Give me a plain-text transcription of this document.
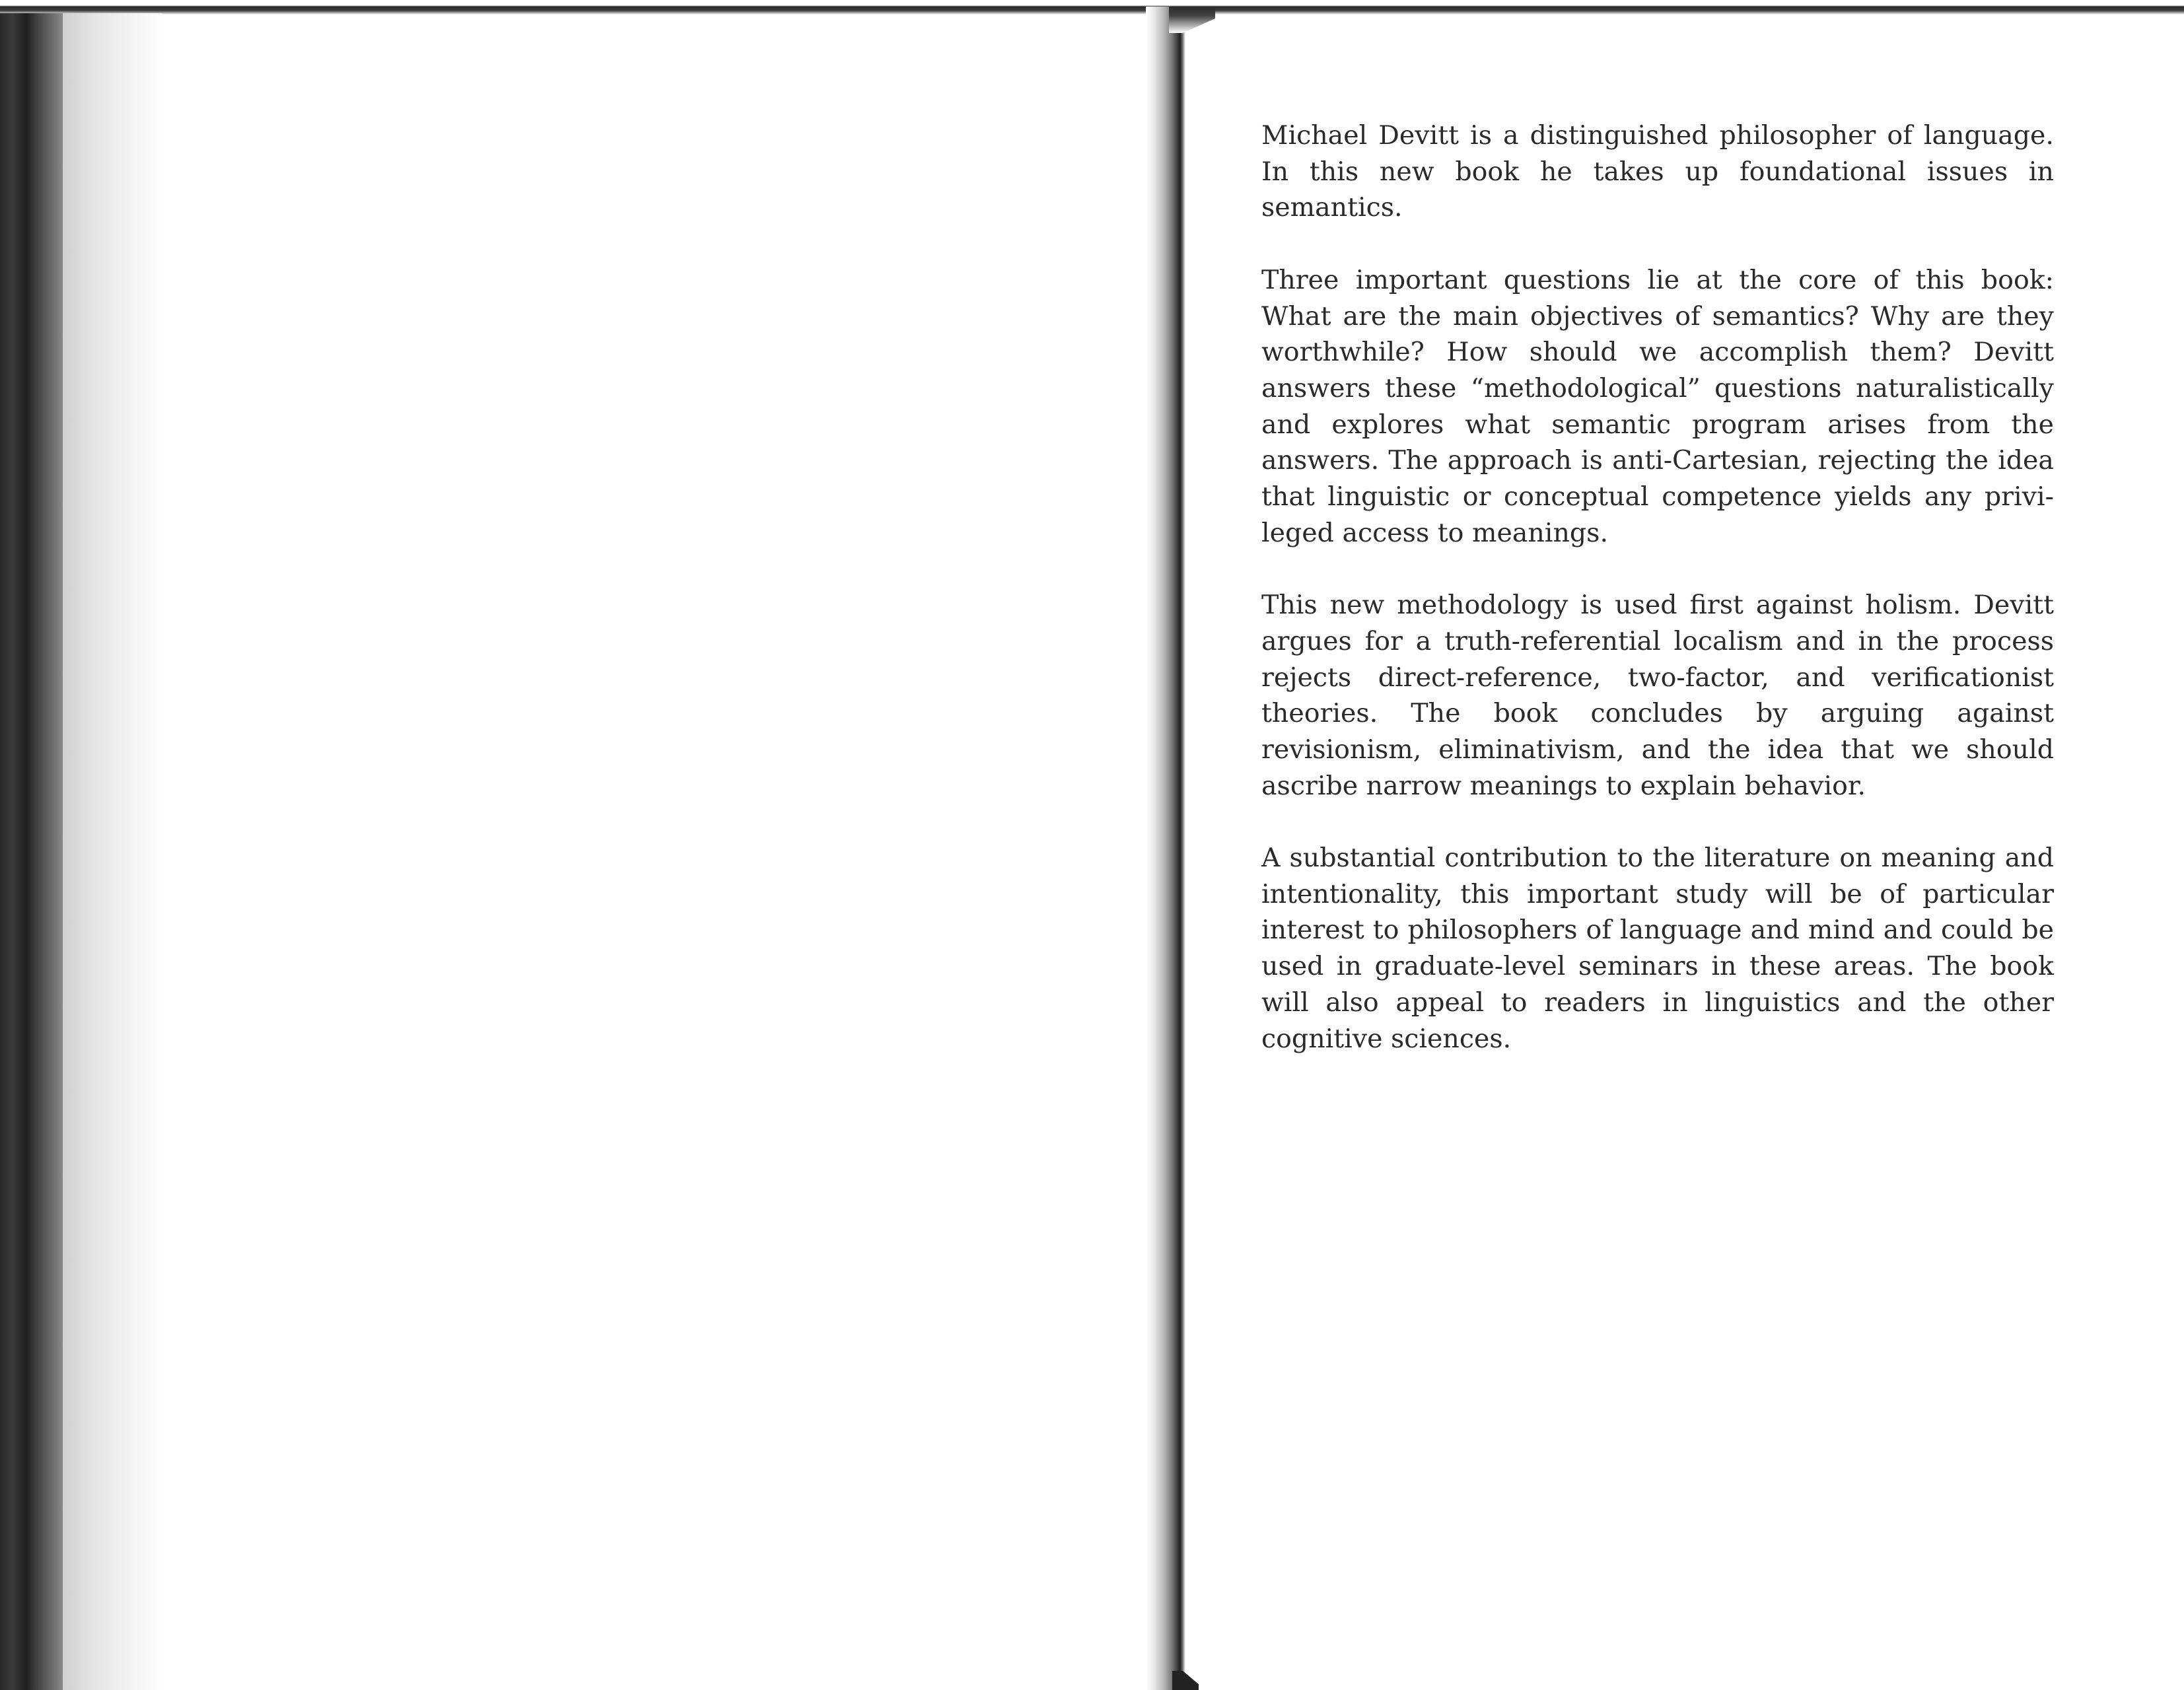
Michael Devitt is a distinguished philosopher of language. In this new book he takes up foundational issues in semantics.

Three important questions lie at the core of this book: What are the main objectives of semantics? Why are they worthwhile? How should we accomplish them? Devitt answers these “methodological” questions naturalistically and explores what semantic program arises from the answers. The approach is anti-Cartesian, rejecting the idea that linguistic or conceptual competence yields any privileged access to meanings.

This new methodology is used first against holism. Devitt argues for a truth-referential localism and in the process rejects direct-reference, two-factor, and verificationist theories. The book concludes by arguing against revisionism, eliminativism, and the idea that we should ascribe narrow meanings to explain behavior.

A substantial contribution to the literature on meaning and intentionality, this important study will be of particular interest to philosophers of language and mind and could be used in graduate-level seminars in these areas. The book will also appeal to readers in linguistics and the other cognitive sciences.
